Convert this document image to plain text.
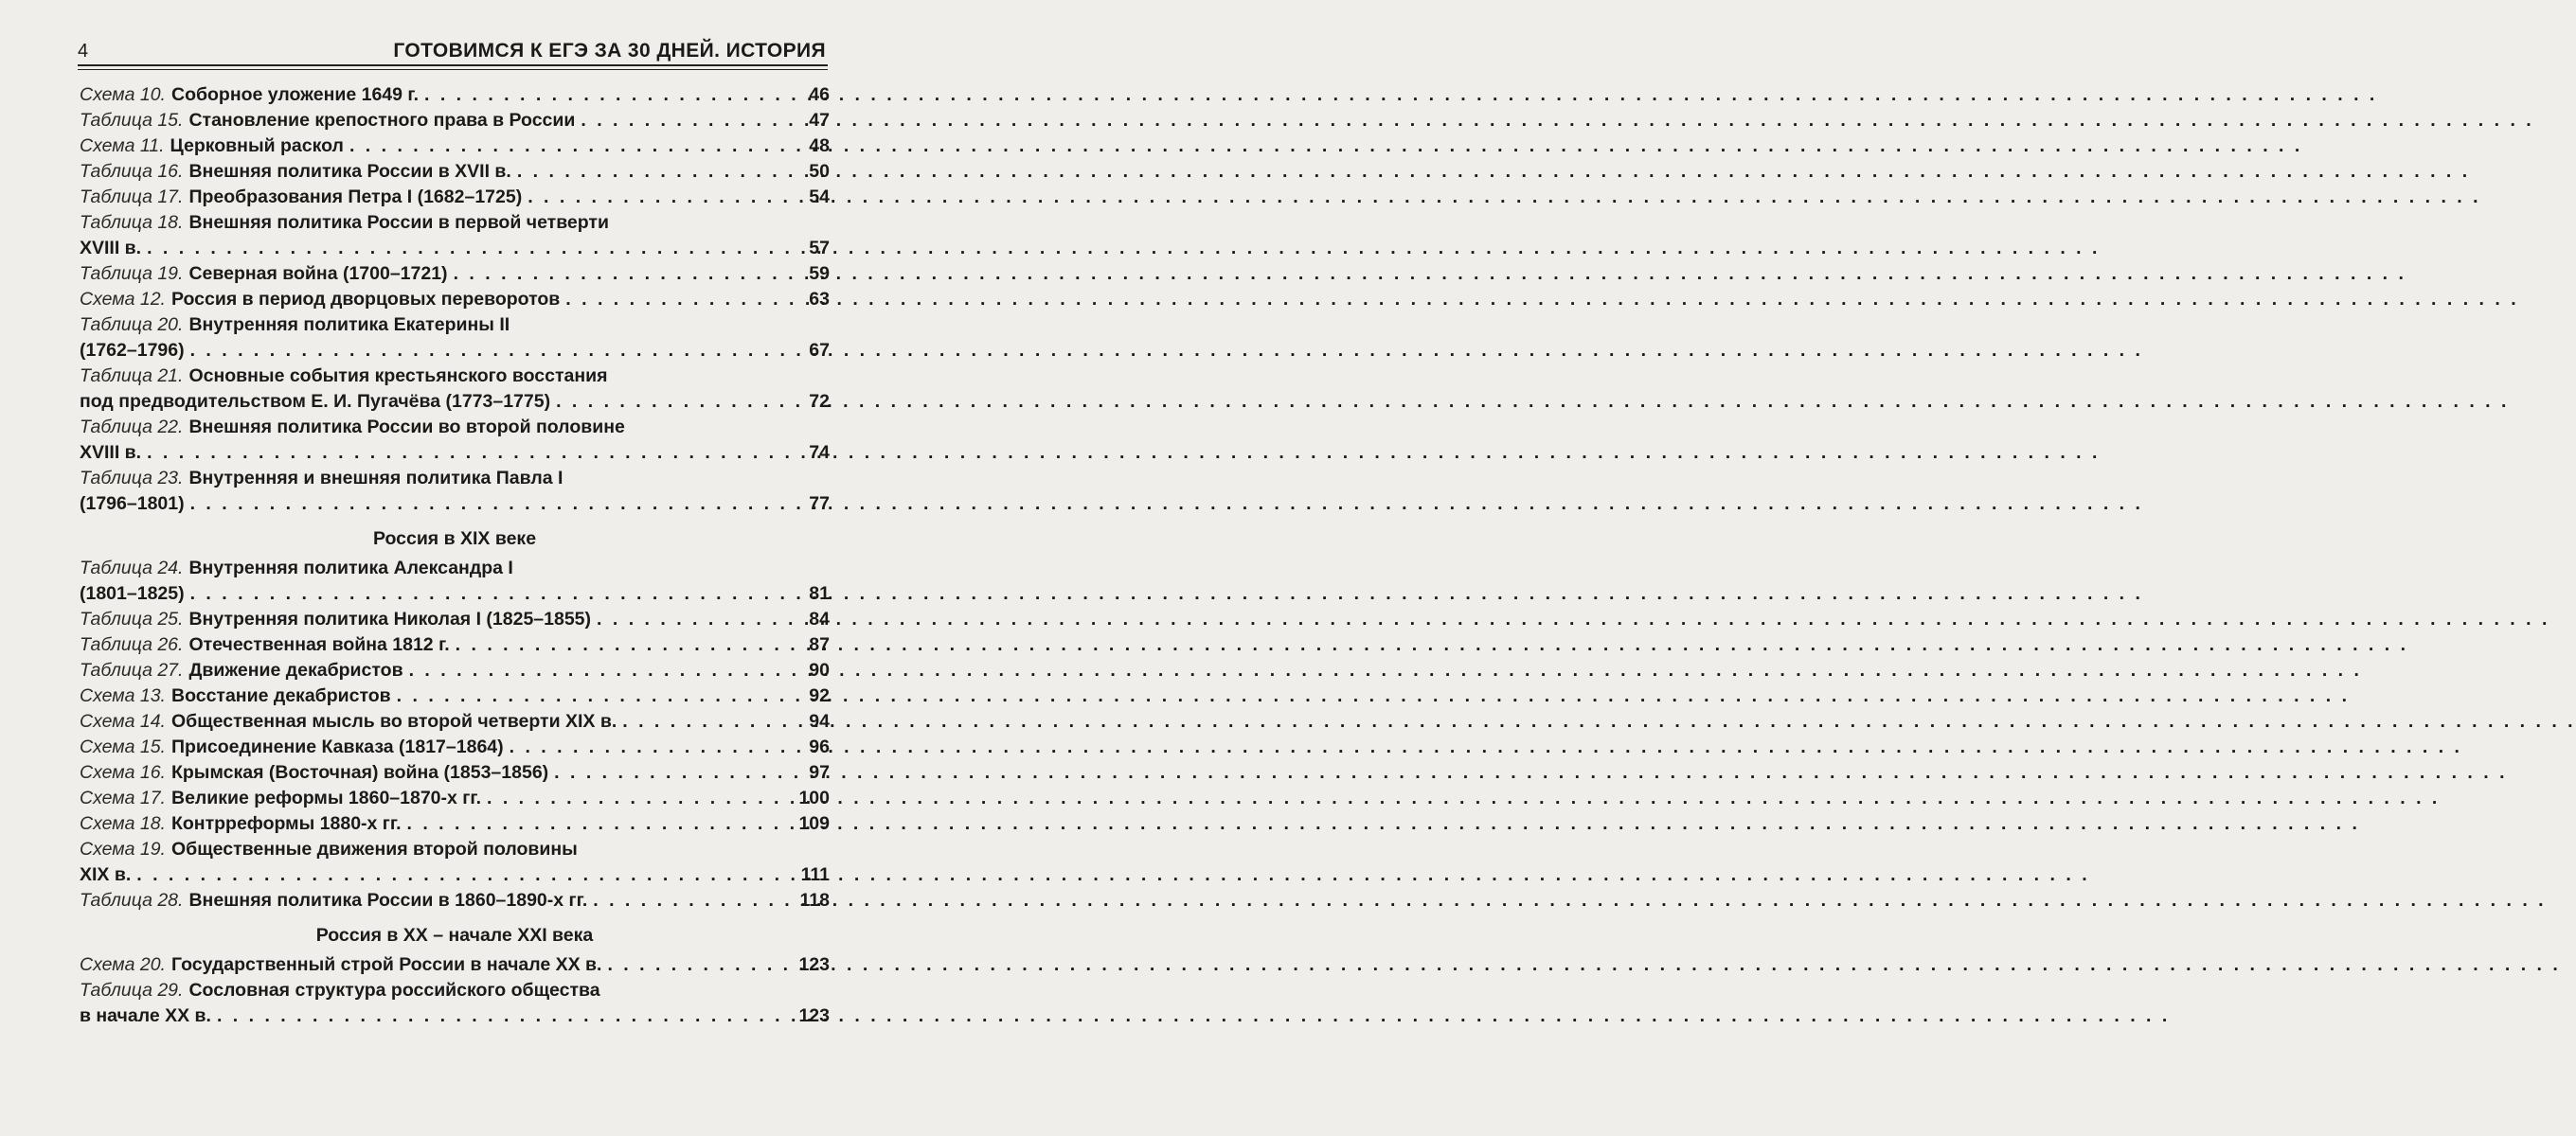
4	ГОТОВИМСЯ К ЕГЭ ЗА 30 ДНЕЙ. ИСТОРИЯ
Схема 10. Соборное уложение 1649 г. . . .	46
Таблица 15. Становление крепостного права в России . . .	47
Схема 11. Церковный раскол . . .	48
Таблица 16. Внешняя политика России в XVII в. . . .	50
Таблица 17. Преобразования Петра I (1682–1725) . . .	54
Таблица 18. Внешняя политика России в первой четверти
XVIII в. . . .	57
Таблица 19. Северная война (1700–1721) . . .	59
Схема 12. Россия в период дворцовых переворотов . . .	63
Таблица 20. Внутренняя политика Екатерины II
(1762–1796) . . .	67
Таблица 21. Основные события крестьянского восстания
под предводительством Е. И. Пугачёва (1773–1775) . . .	72
Таблица 22. Внешняя политика России во второй половине
XVIII в. . . .	74
Таблица 23. Внутренняя и внешняя политика Павла I
(1796–1801) . . .	77
Россия в XIX веке
Таблица 24. Внутренняя политика Александра I
(1801–1825) . . .	81
Таблица 25. Внутренняя политика Николая I (1825–1855) . . .	84
Таблица 26. Отечественная война 1812 г. . . .	87
Таблица 27. Движение декабристов . . .	90
Схема 13. Восстание декабристов . . .	92
Схема 14. Общественная мысль во второй четверти XIX в. . . .	94
Схема 15. Присоединение Кавказа (1817–1864) . . .	96
Схема 16. Крымская (Восточная) война (1853–1856) . . .	97
Схема 17. Великие реформы 1860–1870-х гг. . . .	100
Схема 18. Контрреформы 1880-х гг. . . .	109
Схема 19. Общественные движения второй половины
XIX в. . . .	111
Таблица 28. Внешняя политика России в 1860–1890-х гг. . . .	118
Россия в XX – начале XXI века
Схема 20. Государственный строй России в начале XX в. . . .	123
Таблица 29. Сословная структура российского общества
в начале XX в. . . .	123
